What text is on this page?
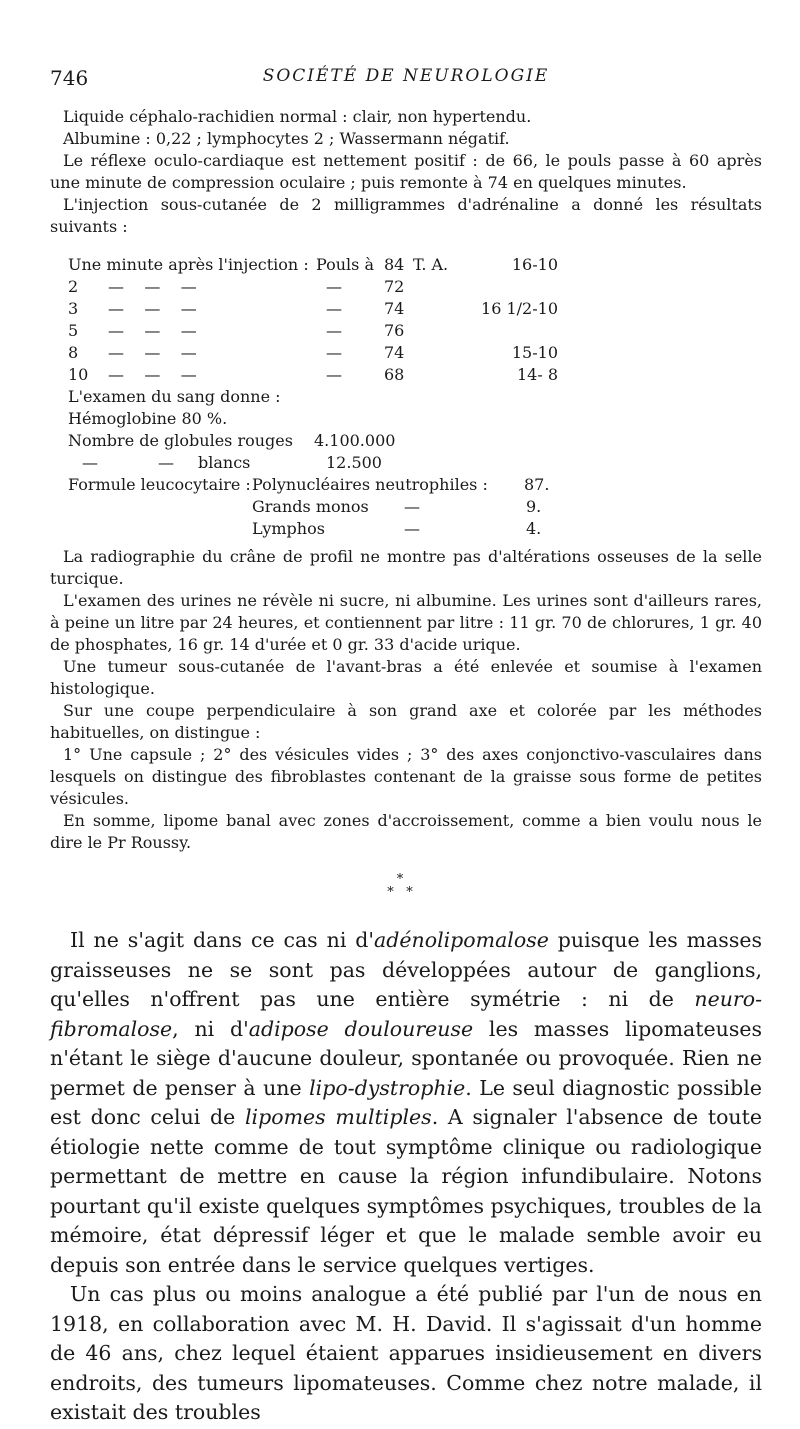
746	SOCIÉTÉ DE NEUROLOGIE

Liquide céphalo-rachidien normal : clair, non hypertendu.

Albumine : 0,22 ; lymphocytes 2 ; Wassermann négatif.

Le réflexe oculo-cardiaque est nettement positif : de 66, le pouls passe à 60 après une minute de compression oculaire ; puis remonte à 74 en quelques minutes.

L'injection sous-cutanée de 2 milligrammes d'adrénaline a donné les résultats suivants :

Une minute après l'injection : Pouls à 84 T. A.	16-10
2 —    —    —	—	72
3 —    —    —	—	74	16 1/2-10
5 —    —    —	—	76
8 —    —    —	—	74	15-10
10 —    —    —	—	68	14- 8
L'examen du sang donne :
Hémoglobine 80 %.
Nombre de globules rouges 4.100.000
—	— blancs	12.500
Formule leucocytaire : Polynucléaires neutrophiles : 87.
Grands monos —	9.
Lymphos	—	4.

La radiographie du crâne de profil ne montre pas d'altérations osseuses de la selle turcique.

L'examen des urines ne révèle ni sucre, ni albumine. Les urines sont d'ailleurs rares, à peine un litre par 24 heures, et contiennent par litre : 11 gr. 70 de chlorures, 1 gr. 40 de phosphates, 16 gr. 14 d'urée et 0 gr. 33 d'acide urique.

Une tumeur sous-cutanée de l'avant-bras a été enlevée et soumise à l'examen histologique.

Sur une coupe perpendiculaire à son grand axe et colorée par les méthodes habituelles, on distingue :

1° Une capsule ; 2° des vésicules vides ; 3° des axes conjonctivo-vasculaires dans lesquels on distingue des fibroblastes contenant de la graisse sous forme de petites vésicules.

En somme, lipome banal avec zones d'accroissement, comme a bien voulu nous le dire le Pr Roussy.

*
*   *

Il ne s'agit dans ce cas ni d'adénolipomalose puisque les masses graisseuses ne se sont pas développées autour de ganglions, qu'elles n'offrent pas une entière symétrie : ni de neuro-fibromalose, ni d'adipose douloureuse les masses lipomateuses n'étant le siège d'aucune douleur, spontanée ou provoquée. Rien ne permet de penser à une lipo-dystrophie. Le seul diagnostic possible est donc celui de lipomes multiples. A signaler l'absence de toute étiologie nette comme de tout symptôme clinique ou radiologique permettant de mettre en cause la région infundibulaire. Notons pourtant qu'il existe quelques symptômes psychiques, troubles de la mémoire, état dépressif léger et que le malade semble avoir eu depuis son entrée dans le service quelques vertiges.

Un cas plus ou moins analogue a été publié par l'un de nous en 1918, en collaboration avec M. H. David. Il s'agissait d'un homme de 46 ans, chez lequel étaient apparues insidieusement en divers endroits, des tumeurs lipomateuses. Comme chez notre malade, il existait des troubles
